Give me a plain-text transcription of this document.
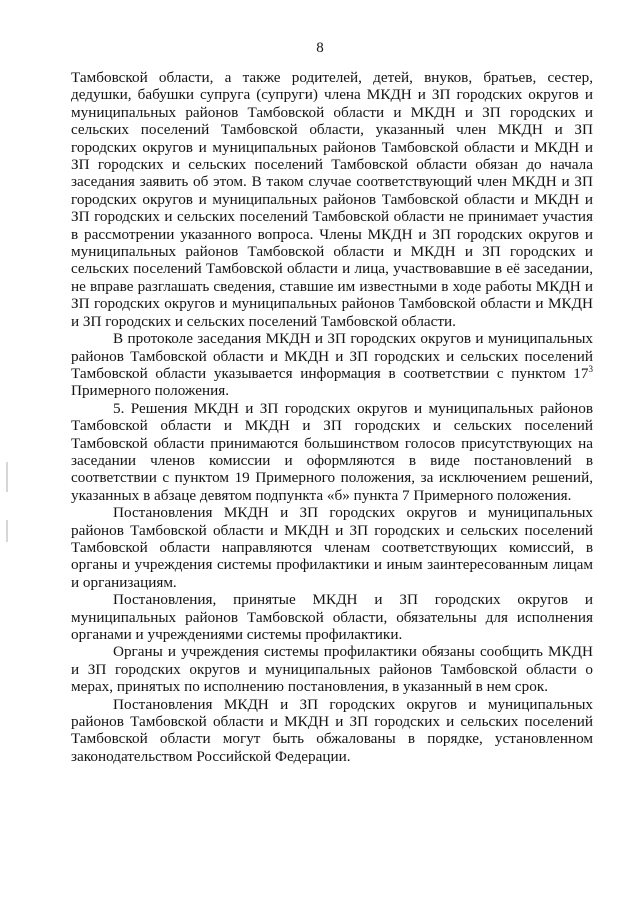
8

Тамбовской области, а также родителей, детей, внуков, братьев, сестер, дедушки, бабушки супруга (супруги) члена МКДН и ЗП городских округов и муниципальных районов Тамбовской области и МКДН и ЗП городских и сельских поселений Тамбовской области, указанный член МКДН и ЗП городских округов и муниципальных районов Тамбовской области и МКДН и ЗП городских и сельских поселений Тамбовской области обязан до начала заседания заявить об этом. В таком случае соответствующий член МКДН и ЗП городских округов и муниципальных районов Тамбовской области и МКДН и ЗП городских и сельских поселений Тамбовской области не принимает участия в рассмотрении указанного вопроса. Члены МКДН и ЗП городских округов и муниципальных районов Тамбовской области и МКДН и ЗП городских и сельских поселений Тамбовской области и лица, участвовавшие в её заседании, не вправе разглашать сведения, ставшие им известными в ходе работы МКДН и ЗП городских округов и муниципальных районов Тамбовской области и МКДН и ЗП городских и сельских поселений Тамбовской области.

В протоколе заседания МКДН и ЗП городских округов и муниципальных районов Тамбовской области и МКДН и ЗП городских и сельских поселений Тамбовской области указывается информация в соответствии с пунктом $17^3$ Примерного положения.

5. Решения МКДН и ЗП городских округов и муниципальных районов Тамбовской области и МКДН и ЗП городских и сельских поселений Тамбовской области принимаются большинством голосов присутствующих на заседании членов комиссии и оформляются в виде постановлений в соответствии с пунктом 19 Примерного положения, за исключением решений, указанных в абзаце девятом подпункта «б» пункта 7 Примерного положения.

Постановления МКДН и ЗП городских округов и муниципальных районов Тамбовской области и МКДН и ЗП городских и сельских поселений Тамбовской области направляются членам соответствующих комиссий, в органы и учреждения системы профилактики и иным заинтересованным лицам и организациям.

Постановления, принятые МКДН и ЗП городских округов и муниципальных районов Тамбовской области, обязательны для исполнения органами и учреждениями системы профилактики.

Органы и учреждения системы профилактики обязаны сообщить МКДН и ЗП городских округов и муниципальных районов Тамбовской области о мерах, принятых по исполнению постановления, в указанный в нем срок.

Постановления МКДН и ЗП городских округов и муниципальных районов Тамбовской области и МКДН и ЗП городских и сельских поселений Тамбовской области могут быть обжалованы в порядке, установленном законодательством Российской Федерации.
